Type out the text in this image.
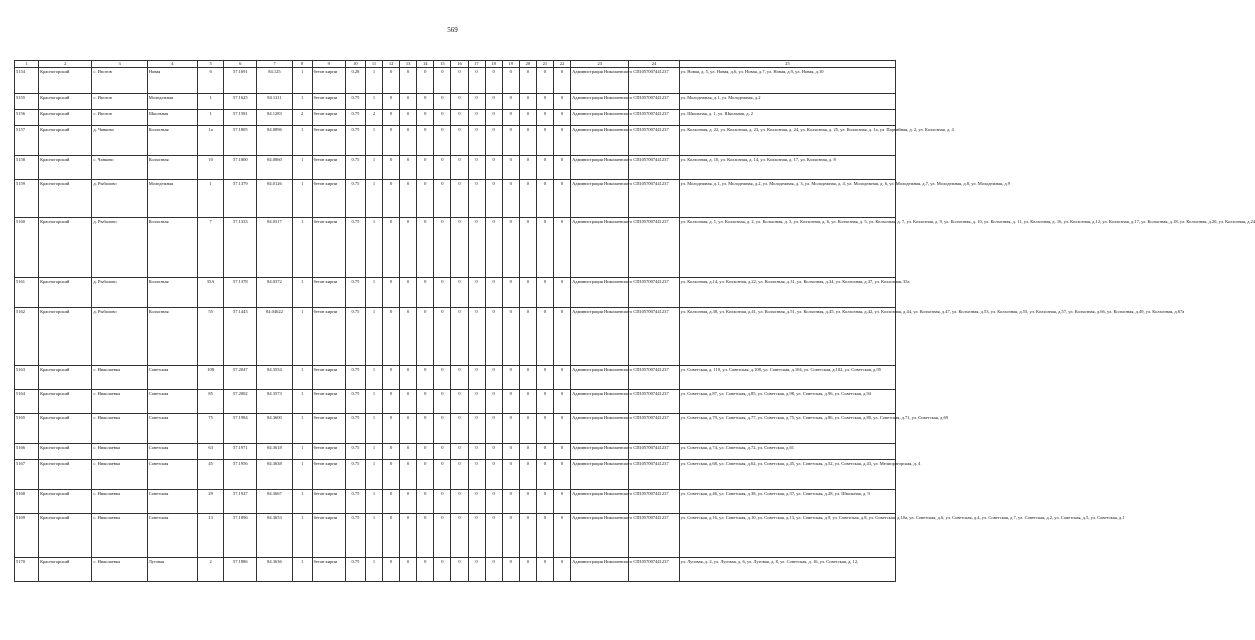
569
1	2	3	4	5	6	7	8	9	10	11	12	13	14	15	16	17	18	19	20	21	22	23	24	25
5154	Красногорский	с. Ипотов	Новая	6	57.1691	84.125	1	бетон кирпи	0.28	1	0	0	0	0	0	0	0	0	0	0	0	Администрация Николаевского СП	1057007441237	ул. Новая, д. 5, ул. Новая, д.6, ул. Новая, д.7, ул. Новая, д.9, ул. Новая, д.10
5155	Красногорский	с. Ипотов	Молодежная	1	57.1625	84.1211	1	бетон кирпи	0.75	1	0	0	0	0	0	0	0	0	0	0	0	Администрация Николаевского СП	1057007441237	ул. Молодежная, д.1, ул. Молодежная, д.2
5156	Красногорский	с. Ипотов	Школьная	1	57.1581	84.1283	2	бетон кирпи	0.75	2	0	0	0	0	0	0	0	0	0	0	0	Администрация Николаевского СП	1057007441237	ул. Школьная, д. 1, ул. Школьная, д. 2
5157	Красногорский	д. Чанково	Колхозная	1а	57.1805	84.0896	1	бетон кирпи	0.75	1	0	0	0	0	0	0	0	0	0	0	0	Администрация Николаевского СП	1057007441237	ул. Колхозная, д. 22, ул. Колхозная, д. 23, ул. Колхозная, д. 24, ул. Колхозная, д. 25, ул. Колхозная, д. 1а, ул. Партийная, д. 2, ул. Колхозная, д. 4
5158	Красногорский	с. Чанково	Колхозная	10	57.1800	84.0860	1	бетон кирпи	0.75	1	0	0	0	0	0	0	0	0	0	0	0	Администрация Николаевского СП	1057007441237	ул. Колхозная, д. 10, ул. Колхозная, д. 14, ул. Колхозная, д. 17, ул. Колхозная, д. 8
5159	Красногорский	д. Рыбалово	Молодежная	1	57.1379	84.0126	1	бетон кирпи	0.75	1	0	0	0	0	0	0	0	0	0	0	0	Администрация Николаевского СП	1057007441237	ул. Молодежная, д.1, ул. Молодежная, д.2, ул. Молодежная, д. 3, ул. Молодежная, д. 4, ул. Молодежная, д. 6, ул. Молодежная, д.7, ул. Молодежная, д.8, ул. Молодежная, д.9
5160	Красногорский	д. Рыбалово	Колхозная	7	57.1333	84.0317	1	бетон кирпи	0.75	1	0	0	0	0	0	0	0	0	0	0	0	Администрация Николаевского СП	1057007441237	ул. Колхозная, д. 1, ул. Колхозная, д. 2, ул. Колхозная, д. 3, ул. Колхозная, д. 6, ул. Колхозная, д. 5, ул. Колхозная, д. 7, ул. Колхозная, д. 9, ул. Колхозная, д. 10, ул. Колхозная, д. 11, ул. Колхозная, д. 16, ул. Колхозная, д.12, ул. Колхозная, д.17, ул. Колхозная, д.18, ул. Колхозная, д.20, ул. Колхозная, д.24
5161	Красногорский	д. Рыбалово	Колхозная	35А	57.1378	84.0372	1	бетон кирпи	0.75	1	0	0	0	0	0	0	0	0	0	0	0	Администрация Николаевского СП	1057007441237	ул. Колхозная, д.14, ул. Колхозная, д.22, ул. Колхозная, д.31, ул. Колхозная, д.34, ул. Колхозная, д.37, ул. Колхозная, 35а
5162	Красногорский	д. Рыбалово	Колхозная	55	57.1443	84.04622	1	бетон кирпи	0.75	1	0	0	0	0	0	0	0	0	0	0	0	Администрация Николаевского СП	1057007441237	ул. Колхозная, д.38, ул. Колхозная, д.41, ул. Колхозная, д.51, ул. Колхозная, д.45, ул. Колхозная, д.42, ул. Колхозная, д.44, ул. Колхозная, д.47, ул. Колхозная, д.53, ул. Колхозная, д.55, ул. Колхозная, д.57, ул. Колхозная, д.66, ул. Колхозная, д.49, ул. Колхозная, д.67а
5163	Красногорский	с. Николаевка	Советская	108	57.2047	84.3554	1	бетон кирпи	0.75	1	0	0	0	0	0	0	0	0	0	0	0	Администрация Николаевского СП	1057007441237	ул. Советская, д. 110, ул. Советская, д.108, ул. Советская, д.104, ул. Советская, д.102, ул. Советская, д.95
5164	Красногорский	с. Николаевка	Советская	85	57.2002	84.3573	1	бетон кирпи	0.75	1	0	0	0	0	0	0	0	0	0	0	0	Администрация Николаевского СП	1057007441237	ул. Советская, д.87, ул. Советская, д.85, ул. Советская, д.98, ул. Советская, д.96, ул. Советская, д.94
5165	Красногорский	с. Николаевка	Советская	75	57.1984	84.3600	1	бетон кирпи	0.75	1	0	0	0	0	0	0	0	0	0	0	0	Администрация Николаевского СП	1057007441237	ул. Советская, д.79, ул. Советская, д.77, ул. Советская, д.75, ул. Советская, д.86, ул. Советская, д.80, ул. Советская, д.71, ул. Советская, д.69
5166	Красногорский	с. Николаевка	Советская	63	57.1971	84.3618	1	бетон кирпи	0.75	1	0	0	0	0	0	0	0	0	0	0	0	Администрация Николаевского СП	1057007441237	ул. Советская, д.74, ул. Советская, д.72, ул. Советская, д.61
5167	Красногорский	с. Николаевка	Советская	45	57.1956	84.3638	1	бетон кирпи	0.75	1	0	0	0	0	0	0	0	0	0	0	0	Администрация Николаевского СП	1057007441237	ул. Советская, д.68, ул. Советская, д.62, ул. Советская, д.45, ул. Советская, д.52, ул. Советская, д.43, ул. Мелиораторская, д. 4
5168	Красногорский	с. Николаевка	Советская	29	57.1927	84.3667	1	бетон кирпи	0.75	1	0	0	0	0	0	0	0	0	0	0	0	Администрация Николаевского СП	1057007441237	ул. Советская, д.46, ул. Советская, д.38, ул. Советская, д.37, ул. Советская, д.28, ул. Школьная, д. 9
5169	Красногорский	с. Николаевка	Советская	13	57.1896	84.3653	1	бетон кирпи	0.75	1	0	0	0	0	0	0	0	0	0	0	0	Администрация Николаевского СП	1057007441237	ул. Советская, д.16, ул. Советская, д.10, ул. Советская, д.13, ул. Советская, д.9, ул. Советская, д.8, ул. Советская, д.10а, ул. Советская, д.6, ул. Советская, д.4, ул. Советская, д.7, ул. Советская, д.2, ул. Советская, д.5, ул. Советская, д.1
5170	Красногорский	с. Николаевка	Луговая	2	57.1886	84.3636	1	бетон кирпи	0.75	1	0	0	0	0	0	0	0	0	0	0	0	Администрация Николаевского СП	1057007441237	ул. Луговая, д. 2, ул. Луговая, д. 6, ул. Луговая, д. 8, ул. Советская, д. 16, ул. Советская, д. 12,
